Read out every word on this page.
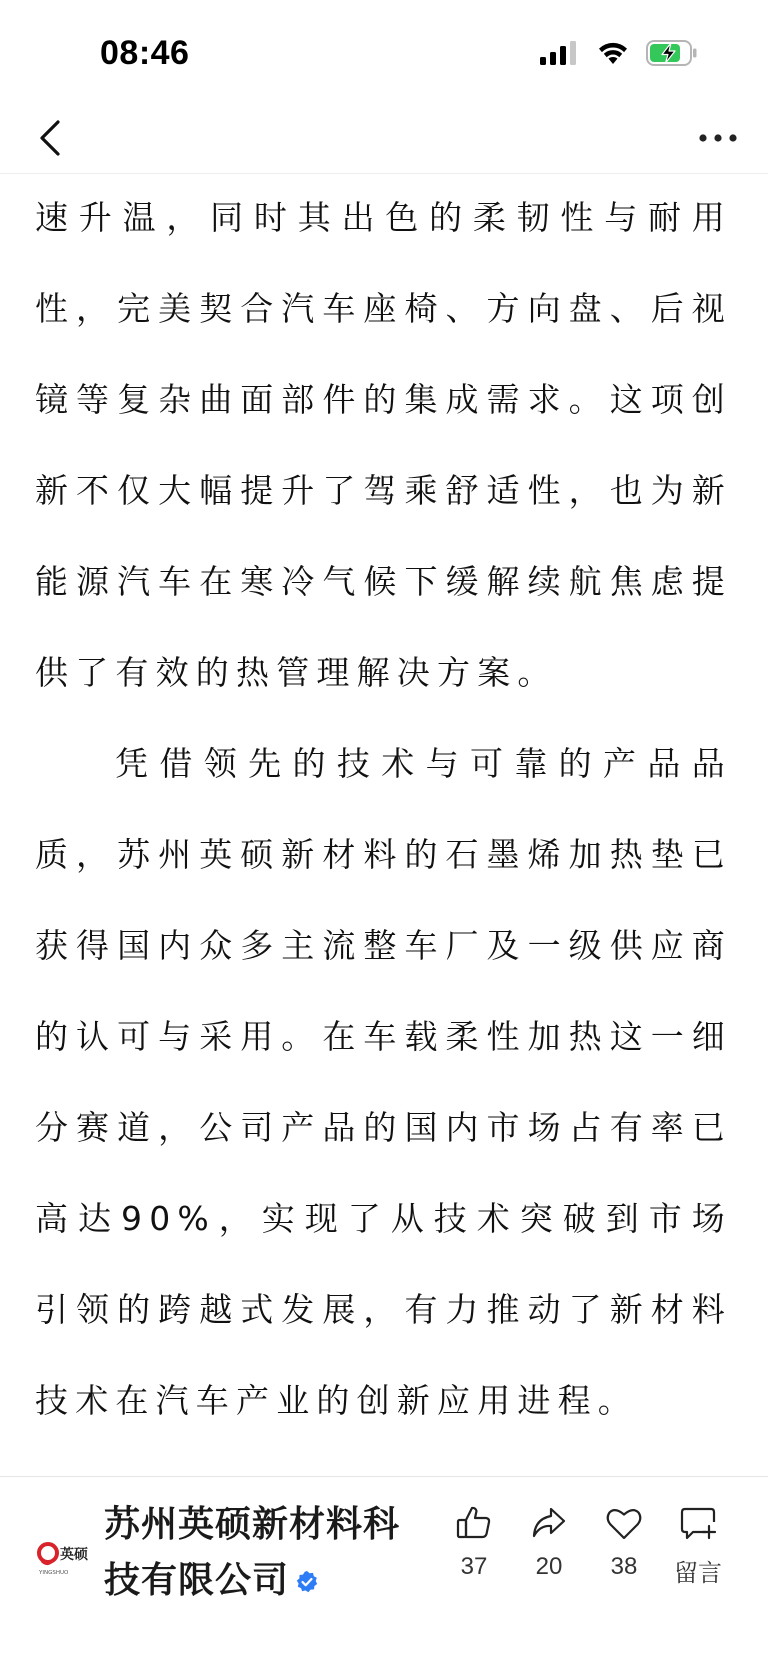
08:46

速升温，同时其出色的柔韧性与耐用性，完美契合汽车座椅、方向盘、后视镜等复杂曲面部件的集成需求。这项创新不仅大幅提升了驾乘舒适性，也为新能源汽车在寒冷气候下缓解续航焦虑提供了有效的热管理解决方案。

凭借领先的技术与可靠的产品品质，苏州英硕新材料的石墨烯加热垫已获得国内众多主流整车厂及一级供应商的认可与采用。在车载柔性加热这一细分赛道，公司产品的国内市场占有率已高达90%，实现了从技术突破到市场引领的跨越式发展，有力推动了新材料技术在汽车产业的创新应用进程。

英硕
YINGSHUO
苏州英硕新材料科
技有限公司	37	20	38	留言
